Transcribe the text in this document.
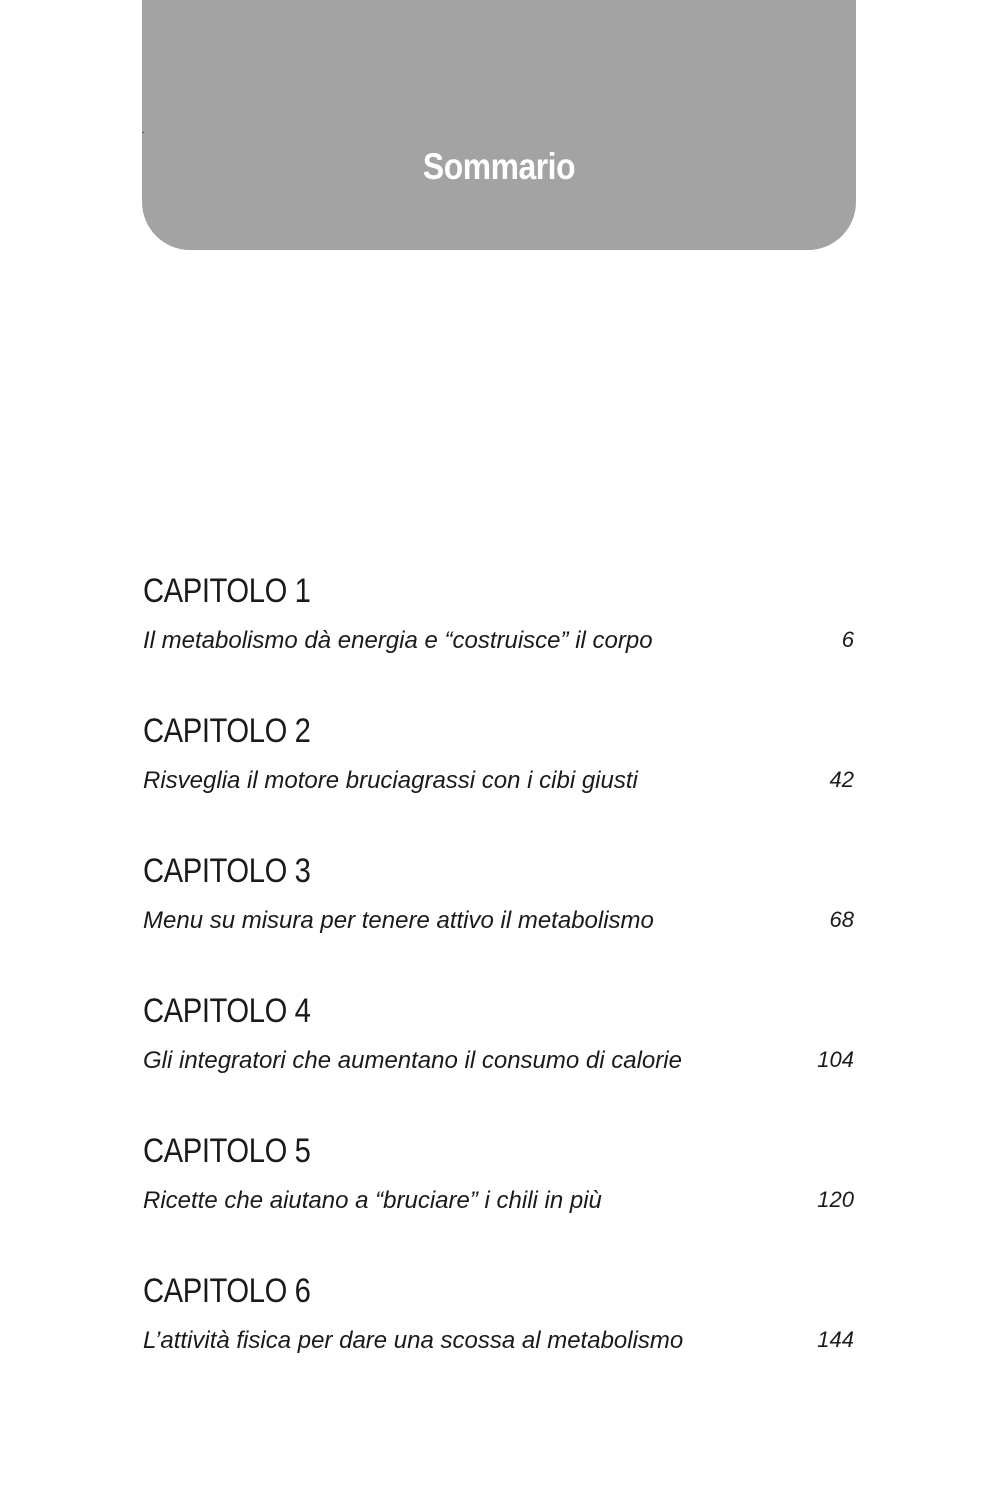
Sommario
CAPITOLO 1
Il metabolismo dà energia e “costruisce” il corpo	6
CAPITOLO 2
Risveglia il motore bruciagrassi con i cibi giusti	42
CAPITOLO 3
Menu su misura per tenere attivo il metabolismo	68
CAPITOLO 4
Gli integratori che aumentano il consumo di calorie	104
CAPITOLO 5
Ricette che aiutano a “bruciare” i chili in più	120
CAPITOLO 6
L’attività fisica per dare una scossa al metabolismo	144
